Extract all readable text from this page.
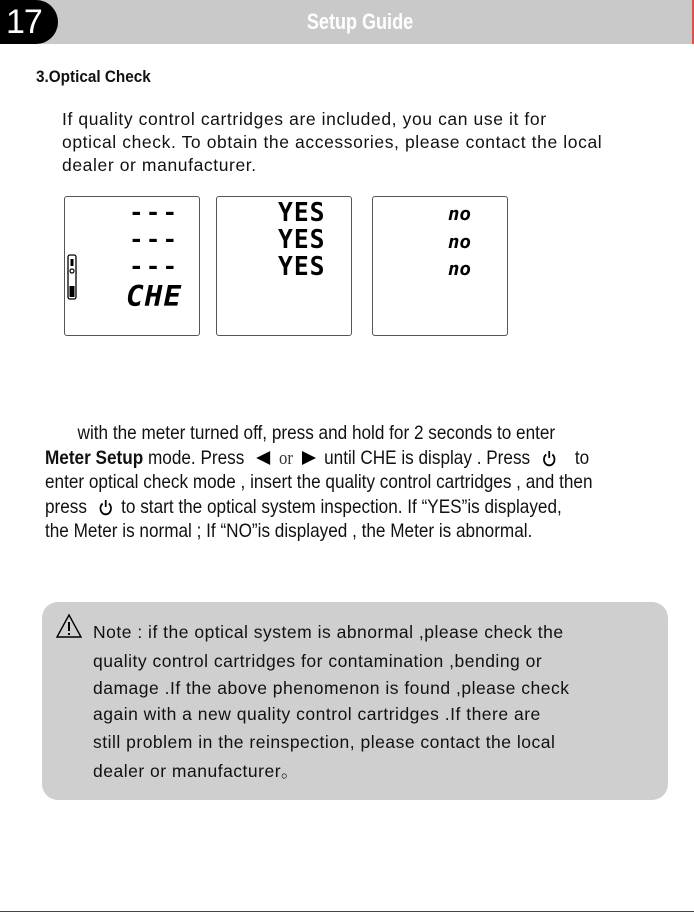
17	Setup Guide
3.Optical Check
If quality control cartridges are included, you can use it for
optical check. To obtain the accessories, please contact the local
dealer or manufacturer.
---
---
---
CHE
YES
YES
YES
no
no
no
with the meter turned off, press and hold for 2 seconds to enter
Meter Setup mode. Press or until CHE is display . Press to
enter optical check mode , insert the quality control cartridges , and then
press to start the optical system inspection. If “YES”is displayed,
the Meter is normal ; If “NO”is displayed , the Meter is abnormal.
Note : if the optical system is abnormal ,please check the
quality control cartridges for contamination ,bending or
damage .If the above phenomenon is found ,please check
again with a new quality control cartridges .If there are
still problem in the reinspection, please contact the local
dealer or manufacturer。
